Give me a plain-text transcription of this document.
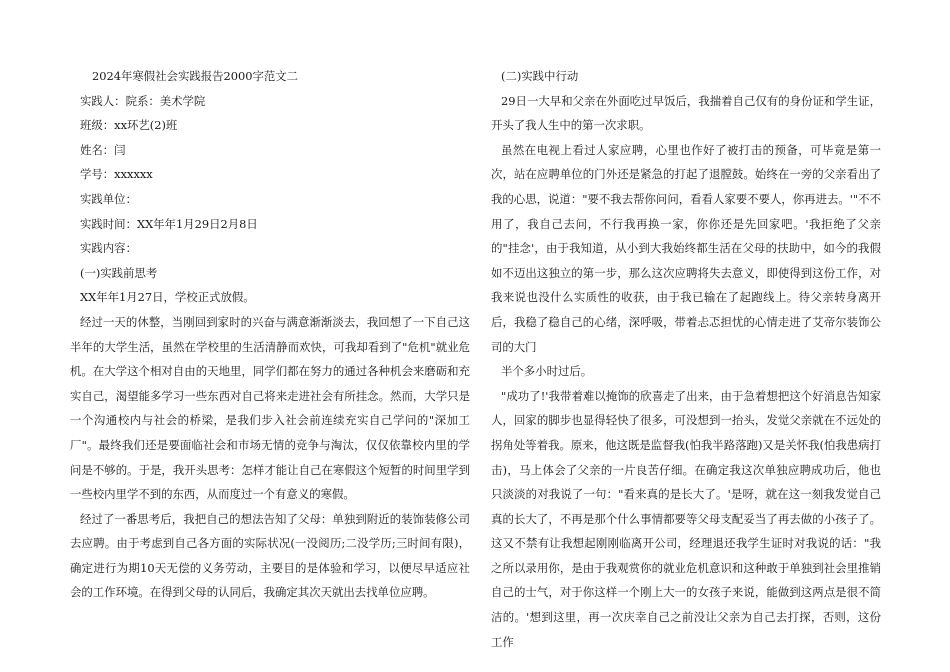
2024年寒假社会实践报告2000字范文二

实践人：院系：美术学院

班级：xx环艺(2)班

姓名：闫

学号：xxxxxx

实践单位：

实践时间：XX年年1月29日2月8日

实践内容：

(一)实践前思考

XX年年1月27日，学校正式放假。

经过一天的休整，当刚回到家时的兴奋与满意渐渐淡去，我回想了一下自己这半年的大学生活，虽然在学校里的生活清静而欢快，可我却看到了"危机"就业危机。在大学这个相对自由的天地里，同学们都在努力的通过各种机会来磨砺和充实自己，渴望能多学习一些东西对自己将来走进社会有所挂念。然而，大学只是一个沟通校内与社会的桥梁，是我们步入社会前连续充实自己学问的"深加工厂"。最终我们还是要面临社会和市场无情的竞争与淘汰，仅仅依靠校内里的学问是不够的。于是，我开头思考：怎样才能让自己在寒假这个短暂的时间里学到一些校内里学不到的东西，从而度过一个有意义的寒假。

经过了一番思考后，我把自己的想法告知了父母：单独到附近的装饰装修公司去应聘。由于考虑到自己各方面的实际状况(一没阅历;二没学历;三时间有限)，确定进行为期10天无偿的义务劳动，主要目的是体验和学习，以便尽早适应社会的工作环境。在得到父母的认同后，我确定其次天就出去找单位应聘。

(二)实践中行动

29日一大早和父亲在外面吃过早饭后，我揣着自己仅有的身份证和学生证，开头了我人生中的第一次求职。

虽然在电视上看过人家应聘，心里也作好了被打击的预备，可毕竟是第一次，站在应聘单位的门外还是紧急的打起了退膛鼓。始终在一旁的父亲看出了我的心思，说道："要不我去帮你问问，看看人家要不要人，你再进去。'"不不用了，我自己去问，不行我再换一家，你你还是先回家吧。'我拒绝了父亲的"挂念'，由于我知道，从小到大我始终都生活在父母的扶助中，如今的我假如不迈出这独立的第一步，那么这次应聘将失去意义，即使得到这份工作，对我来说也没什么实质性的收获，由于我已输在了起跑线上。待父亲转身离开后，我稳了稳自己的心绪，深呼吸，带着忐忑担忧的心情走进了艾帝尔装饰公司的大门

半个多小时过后。

"成功了!'我带着难以掩饰的欣喜走了出来，由于急着想把这个好消息告知家人，回家的脚步也显得轻快了很多，可没想到一抬头，发觉父亲就在不远处的拐角处等着我。原来，他这既是监督我(怕我半路落跑)又是关怀我(怕我患病打击)，马上体会了父亲的一片良苦仔细。在确定我这次单独应聘成功后，他也只淡淡的对我说了一句："看来真的是长大了。'是呀，就在这一刻我发觉自己真的长大了，不再是那个什么事情都要等父母支配妥当了再去做的小孩子了。这又不禁有让我想起刚刚临离开公司，经理退还我学生证时对我说的话："我之所以录用你，是由于我观赏你的就业危机意识和这种敢于单独到社会里推销自己的士气，对于你这样一个刚上大一的女孩子来说，能做到这两点是很不简洁的。'想到这里，再一次庆幸自己之前没让父亲为自己去打探，否则，这份工作
